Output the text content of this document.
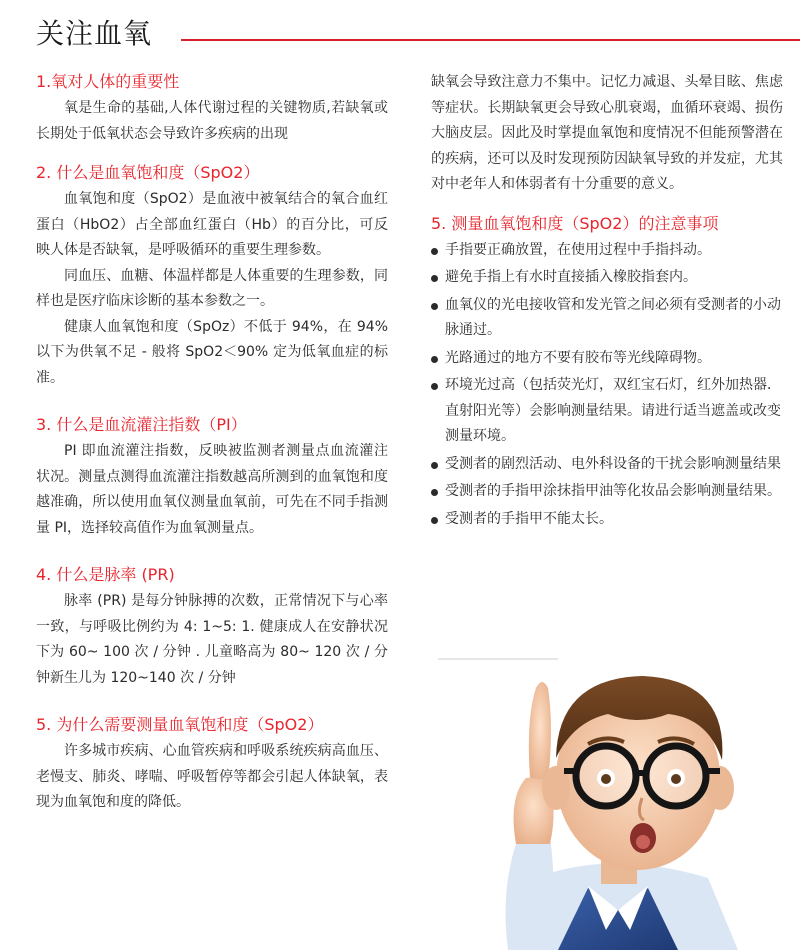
关注血氧
1.氧对人体的重要性

氧是生命的基础,人体代谢过程的关键物质,若缺氧或长期处于低氧状态会导致许多疾病的出现

2. 什么是血氧饱和度（SpO2）

血氧饱和度（SpO2）是血液中被氧结合的氧合血红蛋白（HbO2）占全部血红蛋白（Hb）的百分比，可反映人体是否缺氧，是呼吸循环的重要生理参数。

同血压、血糖、体温样都是人体重要的生理参数，同样也是医疗临床诊断的基本参数之一。

健康人血氧饱和度（SpOz）不低于 94%，在 94% 以下为供氧不足 - 般将 SpO2＜90% 定为低氧血症的标准。

3. 什么是血流灌注指数（PI）

PI 即血流灌注指数，反映被监测者测量点血流灌注状况。测量点测得血流灌注指数越高所测到的血氧饱和度越准确，所以使用血氧仪测量血氧前，可先在不同手指测量 PI，选择较高值作为血氧测量点。

4. 什么是脉率 (PR)

脉率 (PR) 是每分钟脉搏的次数，正常情况下与心率一致，与呼吸比例约为 4: 1~5: 1. 健康成人在安静状况下为 60~ 100 次 / 分钟 . 儿童略高为 80~ 120 次 / 分钟新生儿为 120~140 次 / 分钟

5. 为什么需要测量血氧饱和度（SpO2）

许多城市疾病、心血管疾病和呼吸系统疾病高血压、老慢支、肺炎、哮喘、呼吸暂停等都会引起人体缺氧，表现为血氧饱和度的降低。

缺氧会导致注意力不集中。记忆力减退、头晕目眩、焦虑等症状。长期缺氧更会导致心肌衰竭，血循环衰竭、损伤大脑皮层。因此及时掌提血氧饱和度情况不但能预警潜在的疾病，还可以及时发现预防因缺氧导致的并发症，尤其对中老年人和体弱者有十分重要的意义。

5. 测量血氧饱和度（SpO2）的注意事项
手指要正确放置，在使用过程中手指抖动。
避免手指上有水时直接插入橡胶指套内。
血氧仪的光电接收管和发光管之间必须有受测者的小动脉通过。
光路通过的地方不要有胶布等光线障碍物。
环境光过高（包括荧光灯，双红宝石灯，红外加热器．直射阳光等）会影响测量结果。请进行适当遮盖或改变测量环境。
受测者的剧烈活动、电外科设备的干扰会影响测量结果
受测者的手指甲涂抹指甲油等化妆品会影响测量结果。
受测者的手指甲不能太长。
